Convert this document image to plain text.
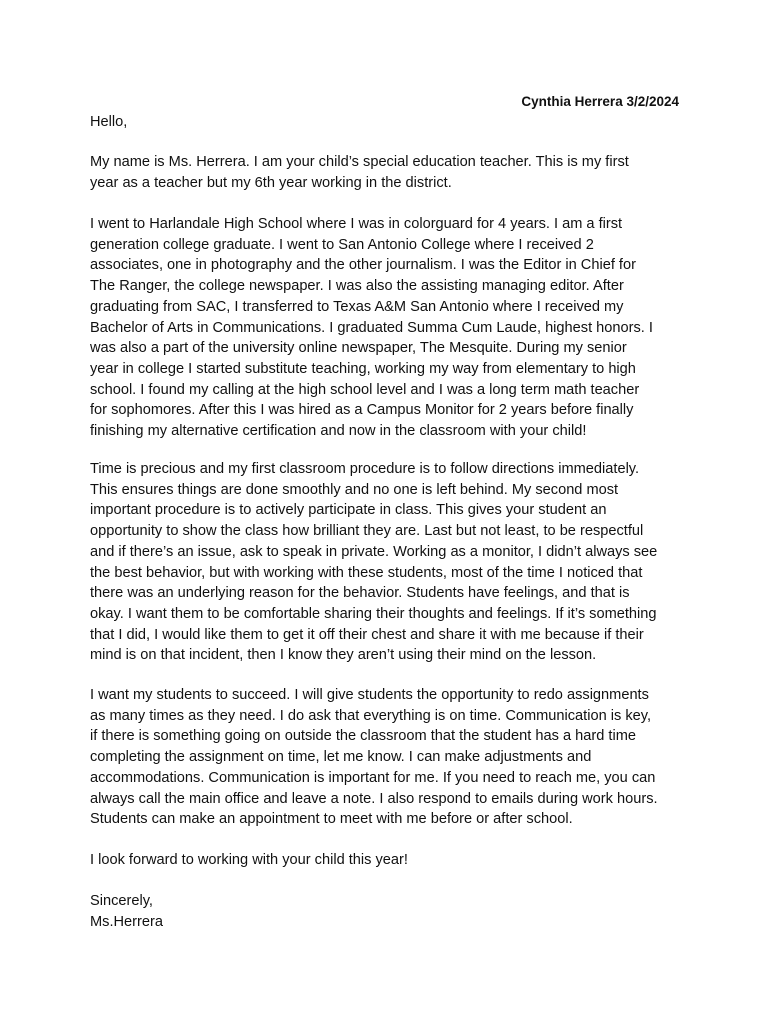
Cynthia Herrera 3/2/2024

Hello,

My name is Ms. Herrera. I am your child’s special education teacher. This is my first
year as a teacher but my 6th year working in the district.

I went to Harlandale High School where I was in colorguard for 4 years. I am a first
generation college graduate. I went to San Antonio College where I received 2
associates, one in photography and the other journalism. I was the Editor in Chief for
The Ranger, the college newspaper. I was also the assisting managing editor. After
graduating from SAC, I transferred to Texas A&M San Antonio where I received my
Bachelor of Arts in Communications. I graduated Summa Cum Laude, highest honors. I
was also a part of the university online newspaper, The Mesquite. During my senior
year in college I started substitute teaching, working my way from elementary to high
school. I found my calling at the high school level and I was a long term math teacher
for sophomores. After this I was hired as a Campus Monitor for 2 years before finally
finishing my alternative certification and now in the classroom with your child!

Time is precious and my first classroom procedure is to follow directions immediately.
This ensures things are done smoothly and no one is left behind. My second most
important procedure is to actively participate in class. This gives your student an
opportunity to show the class how brilliant they are. Last but not least, to be respectful
and if there’s an issue, ask to speak in private. Working as a monitor, I didn’t always see
the best behavior, but with working with these students, most of the time I noticed that
there was an underlying reason for the behavior. Students have feelings, and that is
okay. I want them to be comfortable sharing their thoughts and feelings. If it’s something
that I did, I would like them to get it off their chest and share it with me because if their
mind is on that incident, then I know they aren’t using their mind on the lesson.

I want my students to succeed. I will give students the opportunity to redo assignments
as many times as they need. I do ask that everything is on time. Communication is key,
if there is something going on outside the classroom that the student has a hard time
completing the assignment on time, let me know. I can make adjustments and
accommodations. Communication is important for me. If you need to reach me, you can
always call the main office and leave a note. I also respond to emails during work hours.
Students can make an appointment to meet with me before or after school.

I look forward to working with your child this year!

Sincerely,
Ms.Herrera
